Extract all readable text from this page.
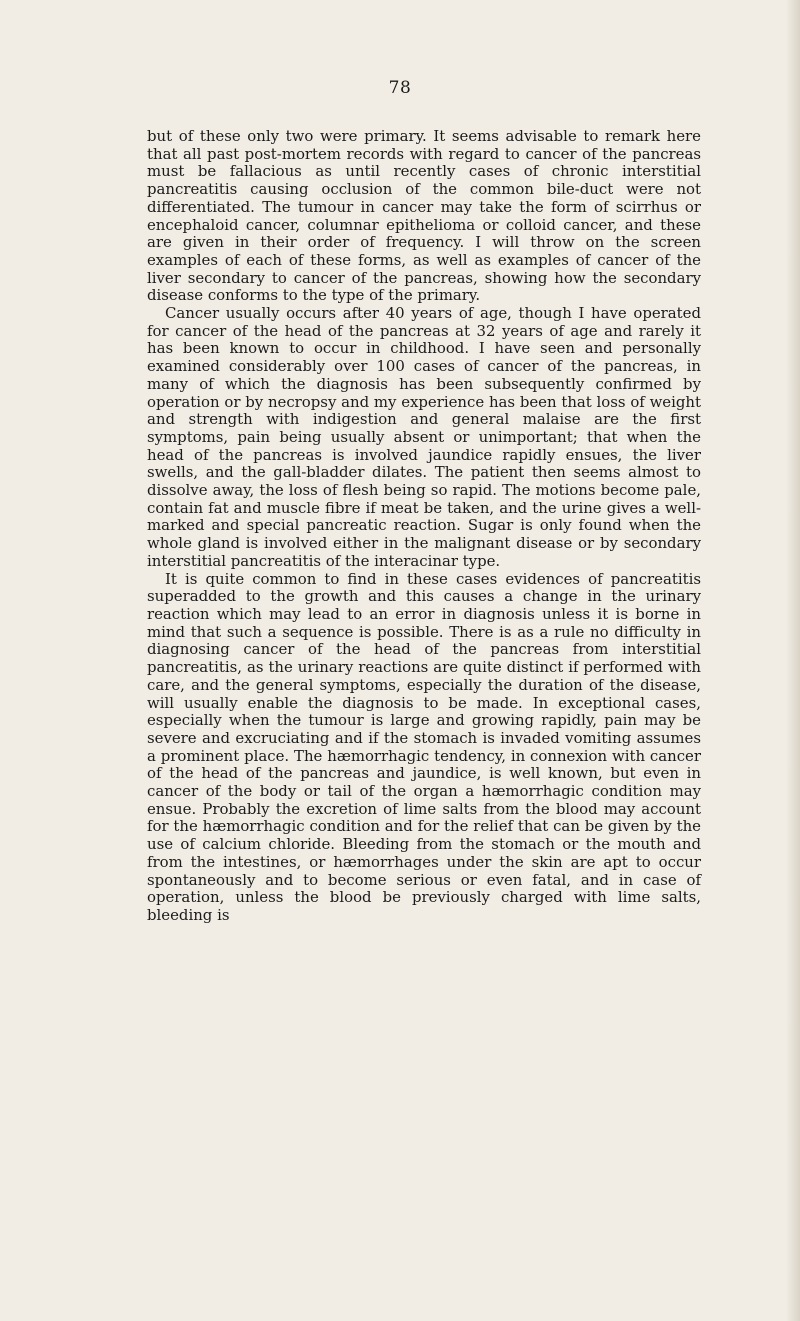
78

but of these only two were primary. It seems advisable to remark here that all past post-mortem records with regard to cancer of the pancreas must be fallacious as until recently cases of chronic interstitial pancreatitis causing occlusion of the common bile-duct were not differentiated. The tumour in cancer may take the form of scirrhus or encephaloid cancer, columnar epithelioma or colloid cancer, and these are given in their order of frequency. I will throw on the screen examples of each of these forms, as well as examples of cancer of the liver secondary to cancer of the pancreas, showing how the secondary disease conforms to the type of the primary.

Cancer usually occurs after 40 years of age, though I have operated for cancer of the head of the pancreas at 32 years of age and rarely it has been known to occur in childhood. I have seen and personally examined considerably over 100 cases of cancer of the pancreas, in many of which the diagnosis has been subsequently confirmed by operation or by necropsy and my experience has been that loss of weight and strength with indigestion and general malaise are the first symptoms, pain being usually absent or unimportant; that when the head of the pancreas is involved jaundice rapidly ensues, the liver swells, and the gall-bladder dilates. The patient then seems almost to dissolve away, the loss of flesh being so rapid. The motions become pale, contain fat and muscle fibre if meat be taken, and the urine gives a well-marked and special pancreatic reaction. Sugar is only found when the whole gland is involved either in the malignant disease or by secondary interstitial pancreatitis of the interacinar type.

It is quite common to find in these cases evidences of pancreatitis superadded to the growth and this causes a change in the urinary reaction which may lead to an error in diagnosis unless it is borne in mind that such a sequence is possible. There is as a rule no difficulty in diagnosing cancer of the head of the pancreas from interstitial pancreatitis, as the urinary reactions are quite distinct if performed with care, and the general symptoms, especially the duration of the disease, will usually enable the diagnosis to be made. In exceptional cases, especially when the tumour is large and growing rapidly, pain may be severe and excruciating and if the stomach is invaded vomiting assumes a prominent place. The hæmorrhagic tendency, in connexion with cancer of the head of the pancreas and jaundice, is well known, but even in cancer of the body or tail of the organ a hæmorrhagic condition may ensue. Probably the excretion of lime salts from the blood may account for the hæmorrhagic condition and for the relief that can be given by the use of calcium chloride. Bleeding from the stomach or the mouth and from the intestines, or hæmorrhages under the skin are apt to occur spontaneously and to become serious or even fatal, and in case of operation, unless the blood be previously charged with lime salts, bleeding is
